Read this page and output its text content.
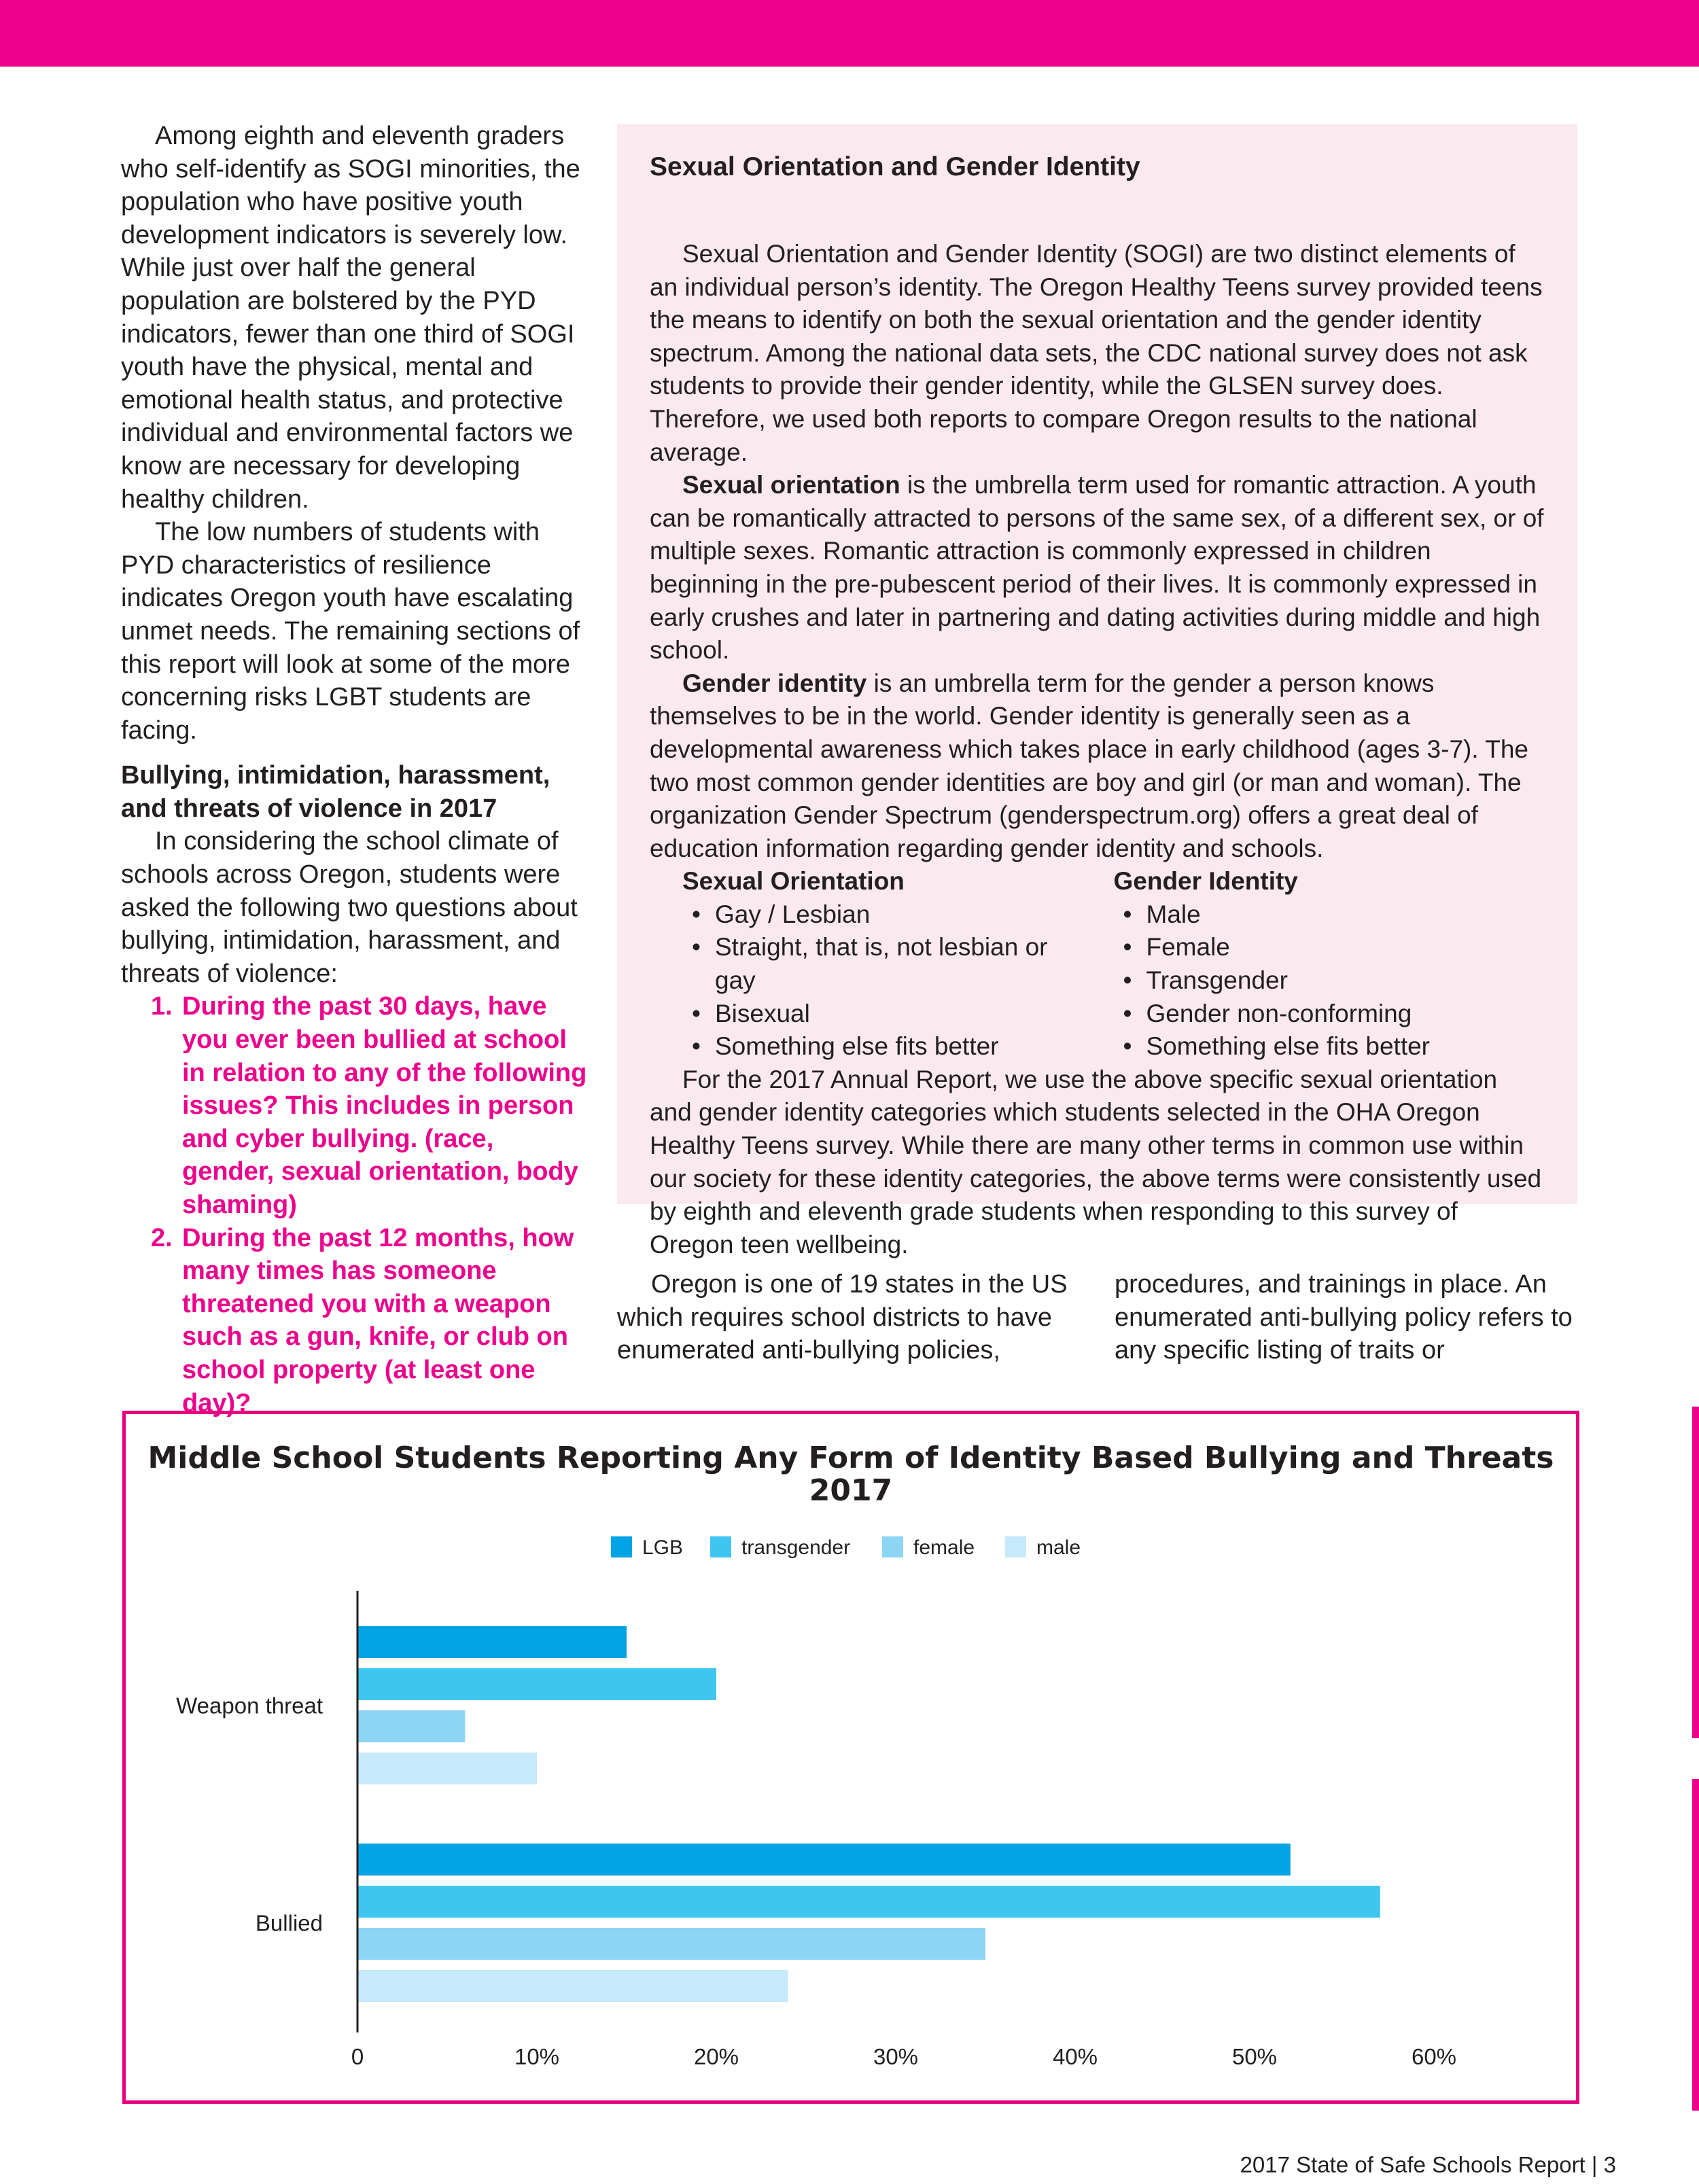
Among eighth and eleventh graders who self-identify as SOGI minorities, the population who have positive youth development indicators is severely low. While just over half the general population are bolstered by the PYD indicators, fewer than one third of SOGI youth have the physical, mental and emotional health status, and protective individual and environmental factors we know are necessary for developing healthy children.

The low numbers of students with PYD characteristics of resilience indicates Oregon youth have escalating unmet needs. The remaining sections of this report will look at some of the more concerning risks LGBT students are facing.

Bullying, intimidation, harassment, and threats of violence in 2017

In considering the school climate of schools across Oregon, students were asked the following two questions about bullying, intimidation, harassment, and threats of violence:

1. During the past 30 days, have you ever been bullied at school in relation to any of the following issues? This includes in person and cyber bullying. (race, gender, sexual orientation, body shaming)
2. During the past 12 months, how many times has someone threatened you with a weapon such as a gun, knife, or club on school property (at least one day)?
Sexual Orientation and Gender Identity

Sexual Orientation and Gender Identity (SOGI) are two distinct elements of an individual person’s identity. The Oregon Healthy Teens survey provided teens the means to identify on both the sexual orientation and the gender identity spectrum. Among the national data sets, the CDC national survey does not ask students to provide their gender identity, while the GLSEN survey does. Therefore, we used both reports to compare Oregon results to the national average.

Sexual orientation is the umbrella term used for romantic attraction. A youth can be romantically attracted to persons of the same sex, of a different sex, or of multiple sexes. Romantic attraction is commonly expressed in children beginning in the pre-pubescent period of their lives. It is commonly expressed in early crushes and later in partnering and dating activities during middle and high school.

Gender identity is an umbrella term for the gender a person knows themselves to be in the world. Gender identity is generally seen as a developmental awareness which takes place in early childhood (ages 3-7). The two most common gender identities are boy and girl (or man and woman). The organization Gender Spectrum (genderspectrum.org) offers a great deal of education information regarding gender identity and schools.

Sexual Orientation
• Gay / Lesbian
• Straight, that is, not lesbian or gay
• Bisexual
• Something else fits better
Gender Identity
• Male
• Female
• Transgender
• Gender non-conforming
• Something else fits better

For the 2017 Annual Report, we use the above specific sexual orientation and gender identity categories which students selected in the OHA Oregon Healthy Teens survey. While there are many other terms in common use within our society for these identity categories, the above terms were consistently used by eighth and eleventh grade students when responding to this survey of Oregon teen wellbeing.

Oregon is one of 19 states in the US which requires school districts to have enumerated anti-bullying policies,

procedures, and trainings in place. An enumerated anti-bullying policy refers to any specific listing of traits or

Middle School Students Reporting Any Form of Identity Based Bullying and Threats
2017
LGB	transgender	female	male
Weapon threat
Bullied
0	10%	20%	30%	40%	50%	60%
2017 State of Safe Schools Report | 3
